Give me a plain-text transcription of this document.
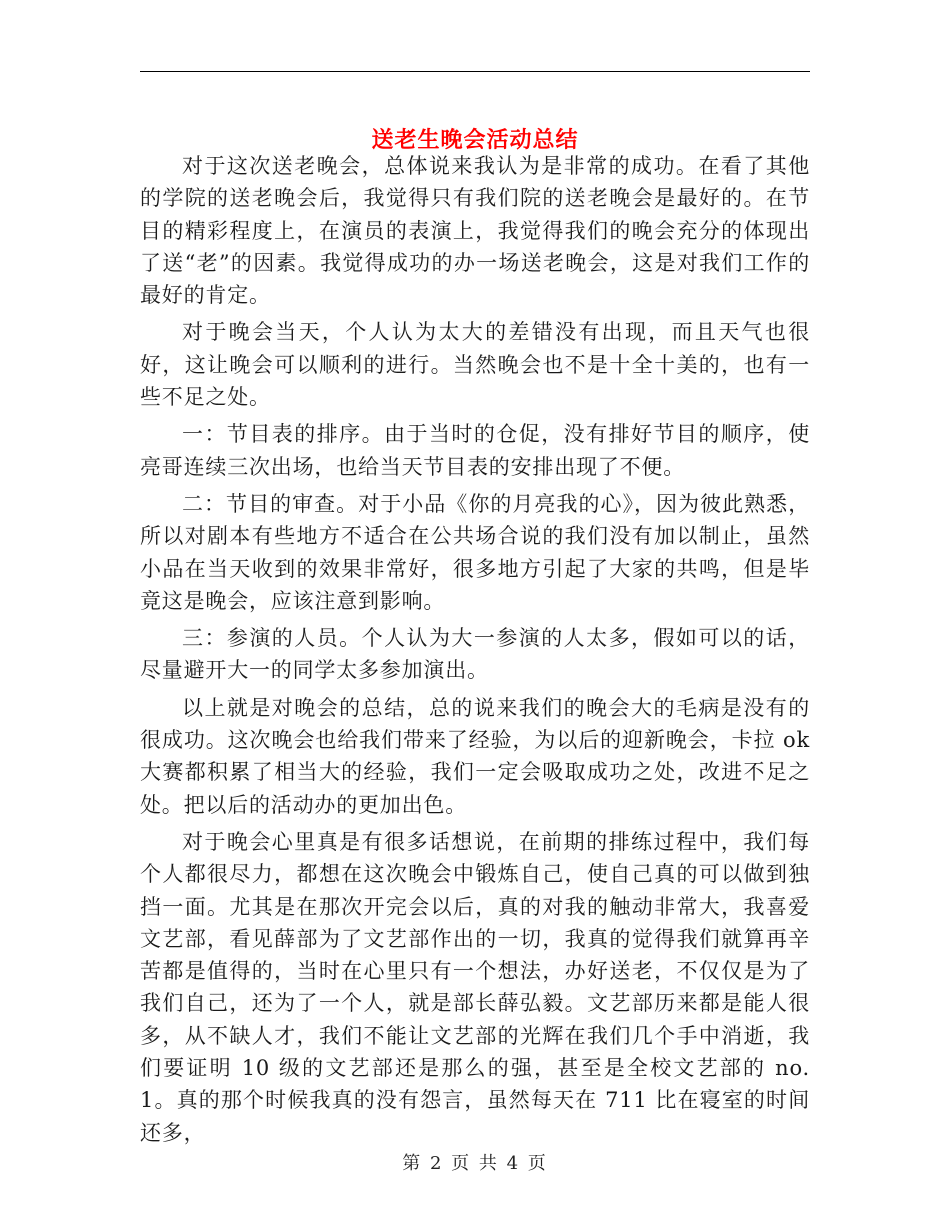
送老生晚会活动总结

对于这次送老晚会，总体说来我认为是非常的成功。在看了其他的学院的送老晚会后，我觉得只有我们院的送老晚会是最好的。在节目的精彩程度上，在演员的表演上，我觉得我们的晚会充分的体现出了送“老”的因素。我觉得成功的办一场送老晚会，这是对我们工作的最好的肯定。

对于晚会当天，个人认为太大的差错没有出现，而且天气也很好，这让晚会可以顺利的进行。当然晚会也不是十全十美的，也有一些不足之处。

一：节目表的排序。由于当时的仓促，没有排好节目的顺序，使亮哥连续三次出场，也给当天节目表的安排出现了不便。

二：节目的审查。对于小品《你的月亮我的心》，因为彼此熟悉，所以对剧本有些地方不适合在公共场合说的我们没有加以制止，虽然小品在当天收到的效果非常好，很多地方引起了大家的共鸣，但是毕竟这是晚会，应该注意到影响。

三：参演的人员。个人认为大一参演的人太多，假如可以的话，尽量避开大一的同学太多参加演出。

以上就是对晚会的总结，总的说来我们的晚会大的毛病是没有的很成功。这次晚会也给我们带来了经验，为以后的迎新晚会，卡拉 ok 大赛都积累了相当大的经验，我们一定会吸取成功之处，改进不足之处。把以后的活动办的更加出色。

对于晚会心里真是有很多话想说，在前期的排练过程中，我们每个人都很尽力，都想在这次晚会中锻炼自己，使自己真的可以做到独挡一面。尤其是在那次开完会以后，真的对我的触动非常大，我喜爱文艺部，看见薛部为了文艺部作出的一切，我真的觉得我们就算再辛苦都是值得的，当时在心里只有一个想法，办好送老，不仅仅是为了我们自己，还为了一个人，就是部长薛弘毅。文艺部历来都是能人很多，从不缺人才，我们不能让文艺部的光辉在我们几个手中消逝，我们要证明 10 级的文艺部还是那么的强，甚至是全校文艺部的 no. 1。真的那个时候我真的没有怨言，虽然每天在 711 比在寝室的时间还多，

第 2 页 共 4 页
